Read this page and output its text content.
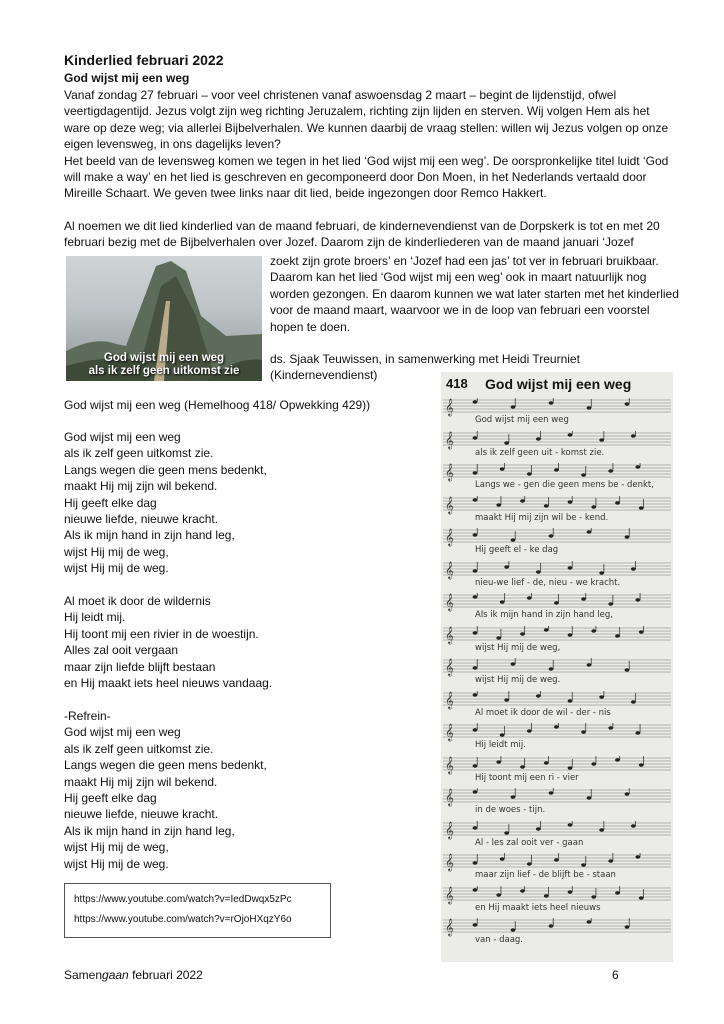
Kinderlied februari 2022
God wijst mij een weg

Vanaf zondag 27 februari – voor veel christenen vanaf aswoensdag 2 maart – begint de lijdenstijd, ofwel veertigdagentijd. Jezus volgt zijn weg richting Jeruzalem, richting zijn lijden en sterven. Wij volgen Hem als het ware op deze weg; via allerlei Bijbelverhalen. We kunnen daarbij de vraag stellen: willen wij Jezus volgen op onze eigen levensweg, in ons dagelijks leven?

Het beeld van de levensweg komen we tegen in het lied ‘God wijst mij een weg’. De oorspronkelijke titel luidt ‘God will make a way’ en het lied is geschreven en gecomponeerd door Don Moen, in het Nederlands vertaald door Mireille Schaart. We geven twee links naar dit lied, beide ingezongen door Remco Hakkert.

Al noemen we dit lied kinderlied van de maand februari, de kindernevendienst van de Dorpskerk is tot en met 20 februari bezig met de Bijbelverhalen over Jozef. Daarom zijn de kinderliederen van de maand januari ‘Jozef

God wijst mij een weg
als ik zelf geen uitkomst zie

zoekt zijn grote broers’ en ‘Jozef had een jas’ tot ver in februari bruikbaar. Daarom kan het lied ‘God wijst mij een weg’ ook in maart natuurlijk nog worden gezongen. En daarom kunnen we wat later starten met het kinderlied voor de maand maart, waarvoor we in de loop van februari een voorstel hopen te doen.

ds. Sjaak Teuwissen, in samenwerking met Heidi Treurniet (Kindernevendienst)

God wijst mij een weg (Hemelhoog 418/ Opwekking 429))
God wijst mij een weg
als ik zelf geen uitkomst zie.
Langs wegen die geen mens bedenkt,
maakt Hij mij zijn wil bekend.
Hij geeft elke dag
nieuwe liefde, nieuwe kracht.
Als ik mijn hand in zijn hand leg,
wijst Hij mij de weg,
wijst Hij mij de weg.
Al moet ik door de wildernis
Hij leidt mij.
Hij toont mij een rivier in de woestijn.
Alles zal ooit vergaan
maar zijn liefde blijft bestaan
en Hij maakt iets heel nieuws vandaag.
-Refrein-
God wijst mij een weg
als ik zelf geen uitkomst zie.
Langs wegen die geen mens bedenkt,
maakt Hij mij zijn wil bekend.
Hij geeft elke dag
nieuwe liefde, nieuwe kracht.
Als ik mijn hand in zijn hand leg,
wijst Hij mij de weg,
wijst Hij mij de weg.
https://www.youtube.com/watch?v=IedDwqx5zPc
https://www.youtube.com/watch?v=rOjoHXqzY6o
Samengaan februari 2022	6
418 God wijst mij een weg
𝄞
God wijst mij een weg
𝄞
als ik zelf geen uit - komst zie.
𝄞
Langs we - gen die geen mens be - denkt,
𝄞
maakt Hij mij zijn wil be - kend.
𝄞
Hij geeft el - ke dag
𝄞
nieu-we lief - de, nieu - we kracht.
𝄞
Als ik mijn hand in zijn hand leg,
𝄞
wijst Hij mij de weg,
𝄞
wijst Hij mij de weg.
𝄞
Al moet ik door de wil - der - nis
𝄞
Hij leidt mij.
𝄞
Hij toont mij een ri - vier
𝄞
in de woes - tijn.
𝄞
Al - les zal ooit ver - gaan
𝄞
maar zijn lief - de blijft be - staan
𝄞
en Hij maakt iets heel nieuws
𝄞
van - daag.
